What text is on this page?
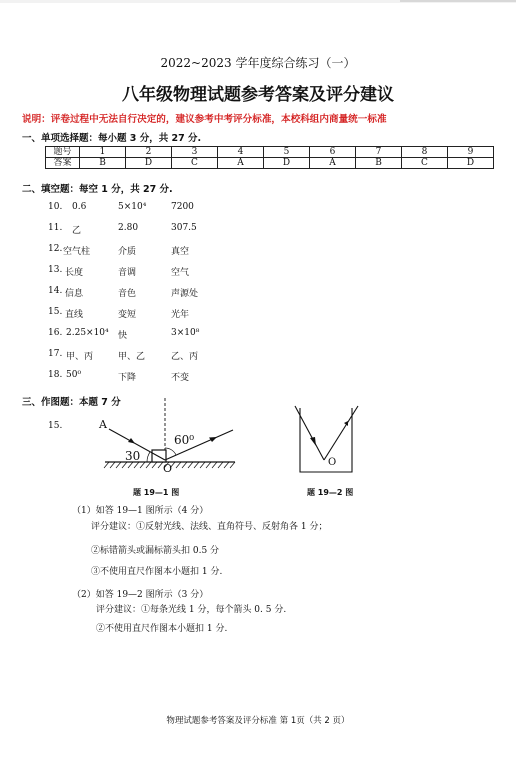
2022~2023 学年度综合练习（一）
八年级物理试题参考答案及评分建议
说明：评卷过程中无法自行决定的，建议参考中考评分标准，本校科组内商量统一标准
一、单项选择题：每小题 3 分，共 27 分.
题号	1	2	3	4	5	6	7	8	9
答案	B	D	C	A	D	A	B	C	D
二、填空题：每空 1 分，共 27 分.
10. 0.6	5×10⁴	7200
11. 乙	2.80	307.5
12. 空气柱	介质	真空
13. 长度	音调	空气
14. 信息	音色	声源处
15. 直线	变短	光年
16. 2.25×10⁴ 快	3×10⁸
17. 甲、丙	甲、乙	乙、丙
18. 50⁰	下降	不变
三、作图题：本题 7 分
15.	A
30
60⁰
O
题 19—1 图
O
题 19—2 图
（1）如答 19—1 图所示（4 分）
评分建议：①反射光线、法线、直角符号、反射角各 1 分；
②标错箭头或漏标箭头扣 0.5 分
③不使用直尺作图本小题扣 1 分.
（2）如答 19—2 图所示（3 分）
评分建议：①每条光线 1 分，每个箭头 0. 5 分.
②不使用直尺作图本小题扣 1 分.
物理试题参考答案及评分标准 第 1页（共 2 页）
